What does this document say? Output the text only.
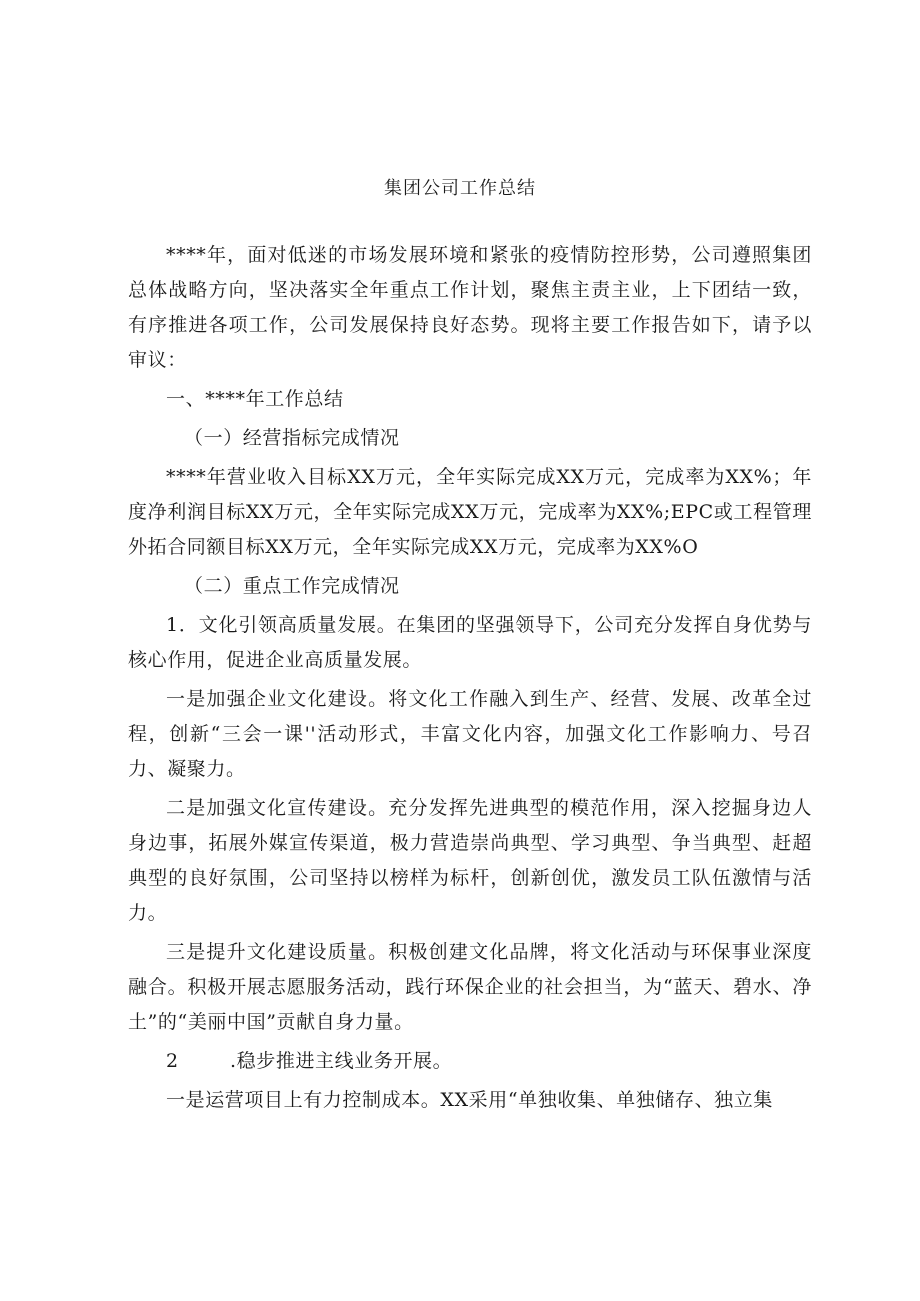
集团公司工作总结

****年，面对低迷的市场发展环境和紧张的疫情防控形势，公司遵照集团总体战略方向，坚决落实全年重点工作计划，聚焦主责主业，上下团结一致，有序推进各项工作，公司发展保持良好态势。现将主要工作报告如下，请予以审议：

一、****年工作总结

（一）经营指标完成情况

****年营业收入目标XX万元，全年实际完成XX万元，完成率为XX%；年度净利润目标XX万元，全年实际完成XX万元，完成率为XX%;EPC或工程管理外拓合同额目标XX万元，全年实际完成XX万元，完成率为XX%O

（二）重点工作完成情况

1．文化引领高质量发展。在集团的坚强领导下，公司充分发挥自身优势与核心作用，促进企业高质量发展。

一是加强企业文化建设。将文化工作融入到生产、经营、发展、改革全过程，创新“三会一课''活动形式，丰富文化内容，加强文化工作影响力、号召力、凝聚力。

二是加强文化宣传建设。充分发挥先进典型的模范作用，深入挖掘身边人身边事，拓展外媒宣传渠道，极力营造崇尚典型、学习典型、争当典型、赶超典型的良好氛围，公司坚持以榜样为标杆，创新创优，激发员工队伍激情与活力。

三是提升文化建设质量。积极创建文化品牌，将文化活动与环保事业深度融合。积极开展志愿服务活动，践行环保企业的社会担当，为“蓝天、碧水、净土”的“美丽中国”贡献自身力量。

2	.稳步推进主线业务开展。

一是运营项目上有力控制成本。XX采用“单独收集、单独储存、独立集
